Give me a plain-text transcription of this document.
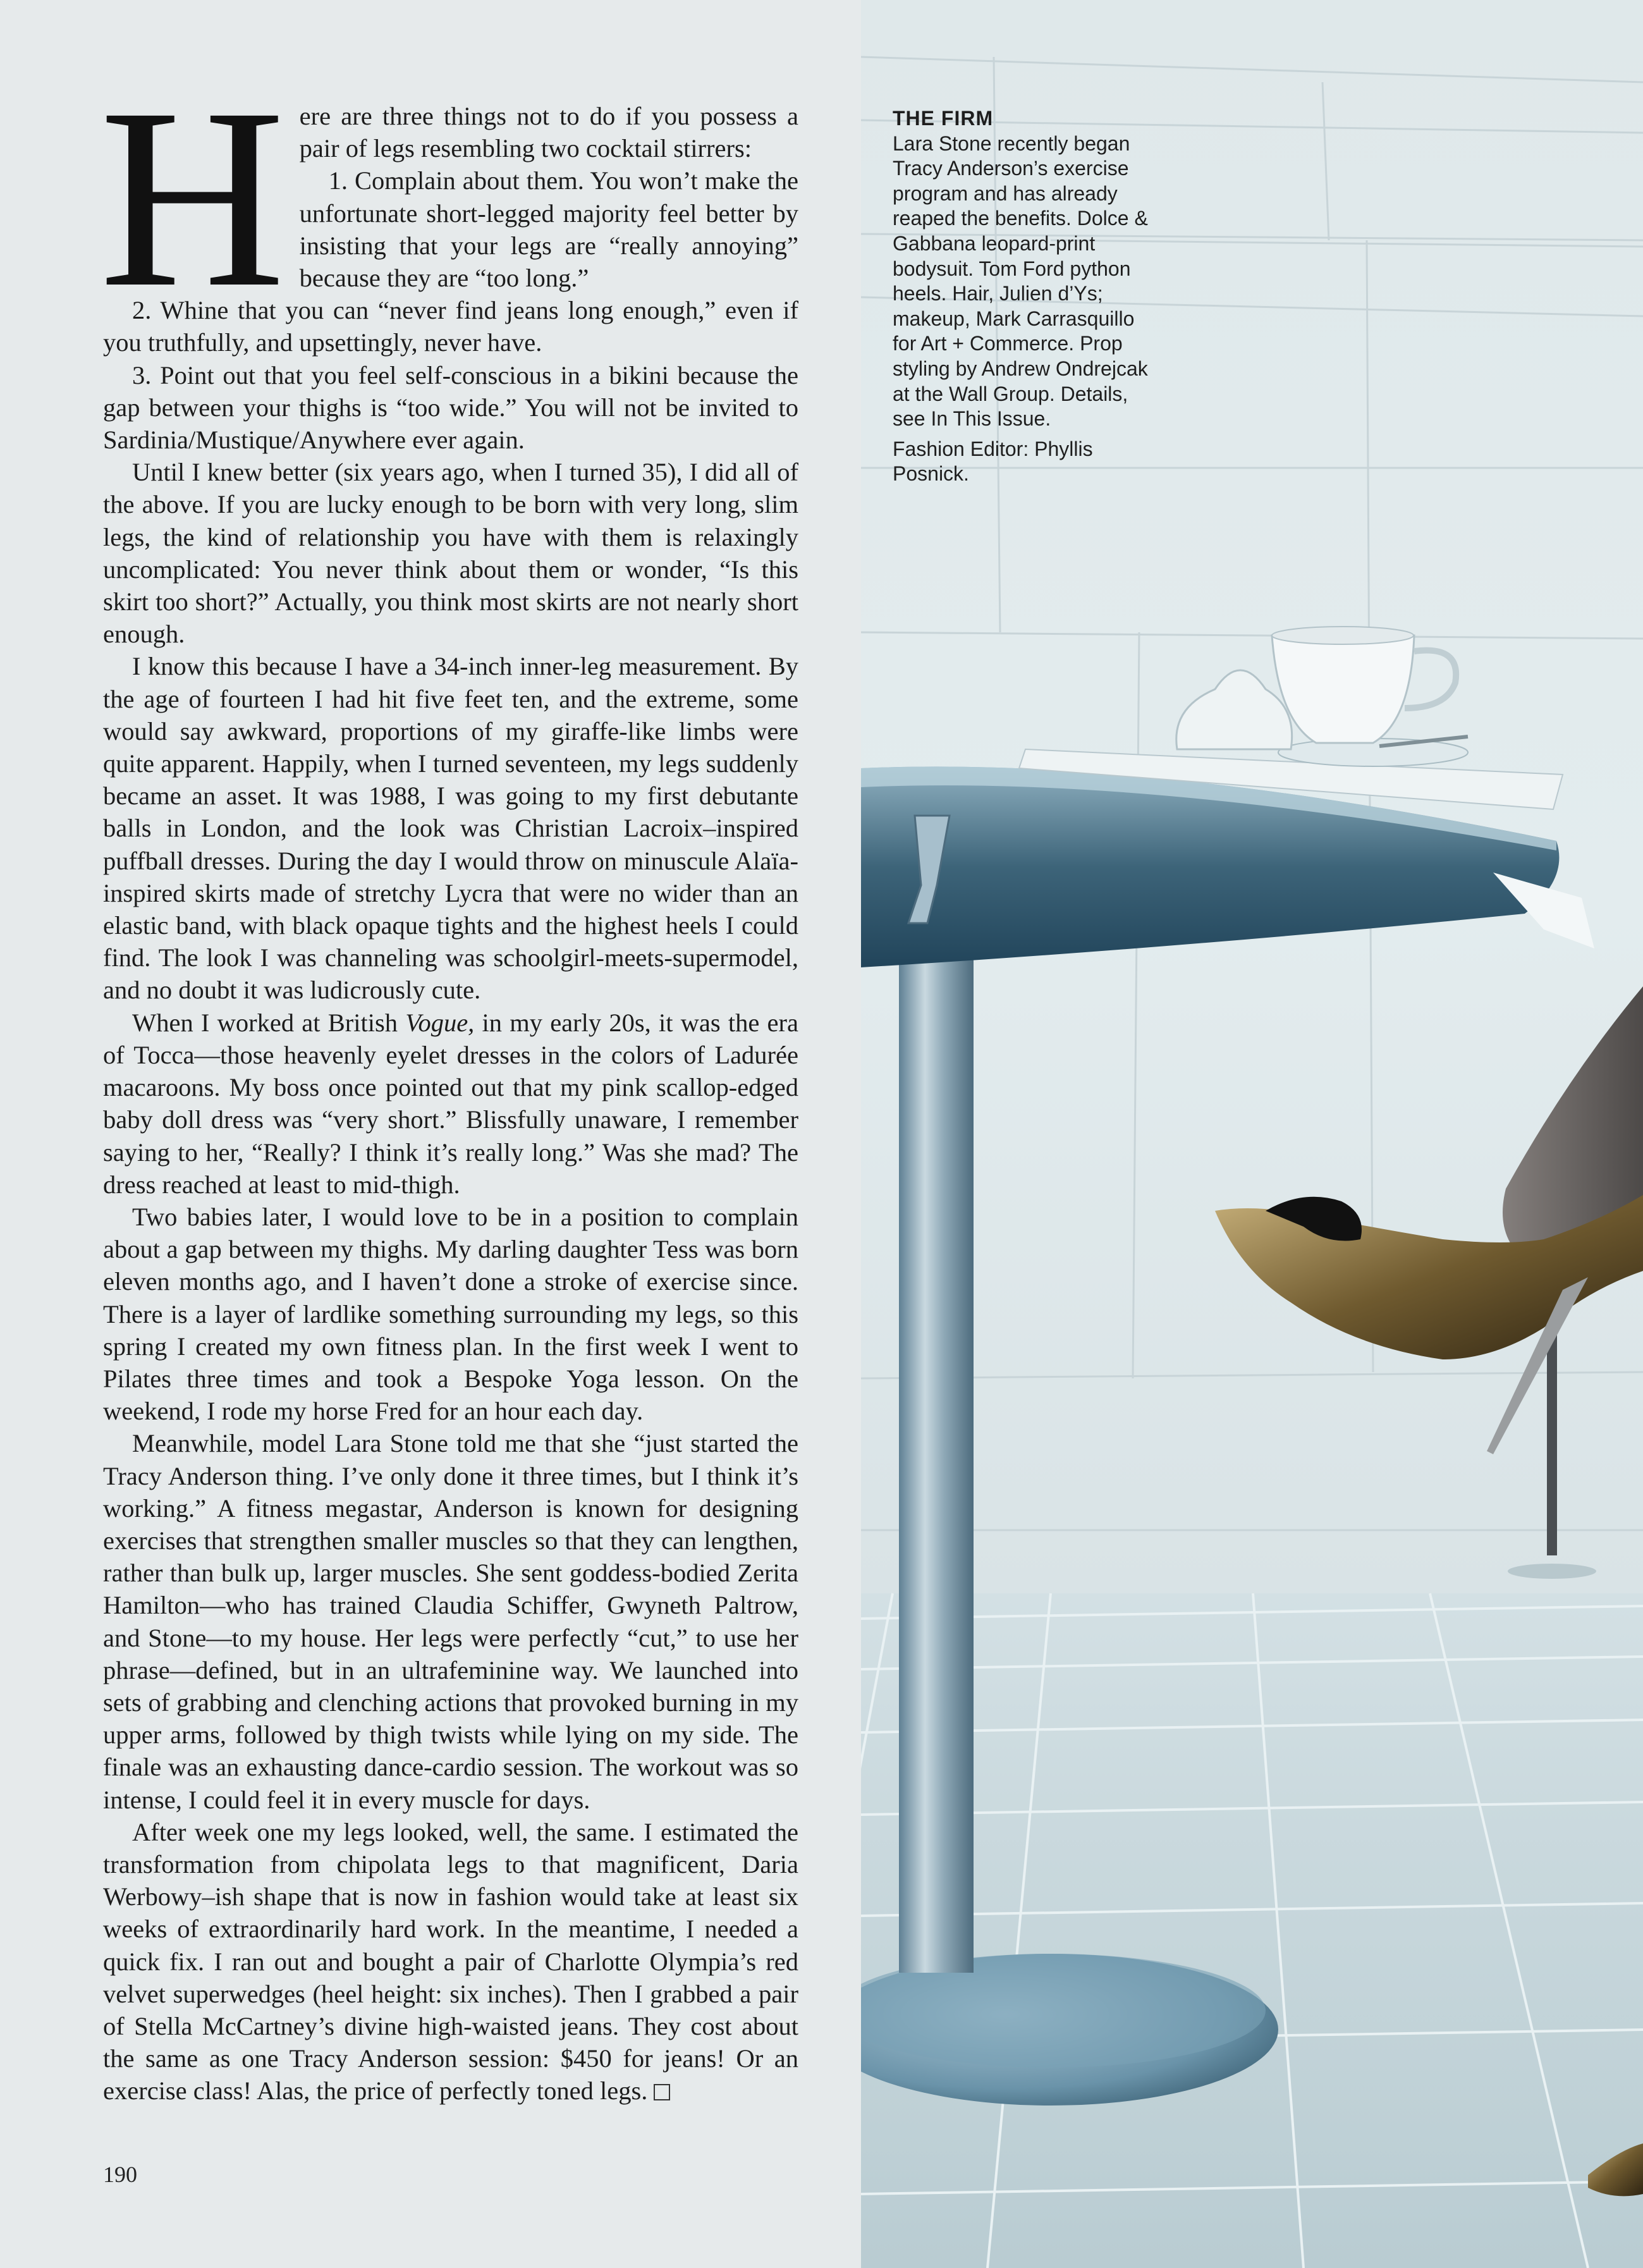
Here are three things not to do if you possess a pair of legs resembling two cocktail stirrers:

1. Complain about them. You won’t make the unfortunate short-legged majority feel better by insisting that your legs are “really annoying” because they are “too long.”

2. Whine that you can “never find jeans long enough,” even if you truthfully, and upsettingly, never have.

3. Point out that you feel self-conscious in a bikini because the gap between your thighs is “too wide.” You will not be invited to Sardinia/Mustique/Anywhere ever again.

Until I knew better (six years ago, when I turned 35), I did all of the above. If you are lucky enough to be born with very long, slim legs, the kind of relationship you have with them is relaxingly uncomplicated: You never think about them or wonder, “Is this skirt too short?” Actually, you think most skirts are not nearly short enough.

I know this because I have a 34-inch inner-leg measurement. By the age of fourteen I had hit five feet ten, and the extreme, some would say awkward, proportions of my giraffe-like limbs were quite apparent. Happily, when I turned seventeen, my legs suddenly became an asset. It was 1988, I was going to my first debutante balls in London, and the look was Christian Lacroix–inspired puffball dresses. During the day I would throw on minuscule Alaïa-inspired skirts made of stretchy Lycra that were no wider than an elastic band, with black opaque tights and the highest heels I could find. The look I was channeling was schoolgirl-meets-supermodel, and no doubt it was ludicrously cute.

When I worked at British Vogue, in my early 20s, it was the era of Tocca—those heavenly eyelet dresses in the colors of Ladurée macaroons. My boss once pointed out that my pink scallop-edged baby doll dress was “very short.” Blissfully unaware, I remember saying to her, “Really? I think it’s really long.” Was she mad? The dress reached at least to mid-thigh.

Two babies later, I would love to be in a position to complain about a gap between my thighs. My darling daughter Tess was born eleven months ago, and I haven’t done a stroke of exercise since. There is a layer of lardlike something surrounding my legs, so this spring I created my own fitness plan. In the first week I went to Pilates three times and took a Bespoke Yoga lesson. On the weekend, I rode my horse Fred for an hour each day.

Meanwhile, model Lara Stone told me that she “just started the Tracy Anderson thing. I’ve only done it three times, but I think it’s working.” A fitness megastar, Anderson is known for designing exercises that strengthen smaller muscles so that they can lengthen, rather than bulk up, larger muscles. She sent goddess-bodied Zerita Hamilton—who has trained Claudia Schiffer, Gwyneth Paltrow, and Stone—to my house. Her legs were perfectly “cut,” to use her phrase—defined, but in an ultrafeminine way. We launched into sets of grabbing and clenching actions that provoked burning in my upper arms, followed by thigh twists while lying on my side. The finale was an exhausting dance-cardio session. The workout was so intense, I could feel it in every muscle for days.

After week one my legs looked, well, the same. I estimated the transformation from chipolata legs to that magnificent, Daria Werbowy–ish shape that is now in fashion would take at least six weeks of extraordinarily hard work. In the meantime, I needed a quick fix. I ran out and bought a pair of Charlotte Olympia’s red velvet superwedges (heel height: six inches). Then I grabbed a pair of Stella McCartney’s divine high-waisted jeans. They cost about the same as one Tracy Anderson session: $450 for jeans! Or an exercise class! Alas, the price of perfectly toned legs.

190
THE FIRM
Lara Stone recently began Tracy Anderson’s exercise program and has already reaped the benefits. Dolce & Gabbana leopard-print bodysuit. Tom Ford python heels. Hair, Julien d’Ys; makeup, Mark Carrasquillo for Art + Commerce. Prop styling by Andrew Ondrejcak at the Wall Group. Details, see In This Issue.
Fashion Editor: Phyllis Posnick.
